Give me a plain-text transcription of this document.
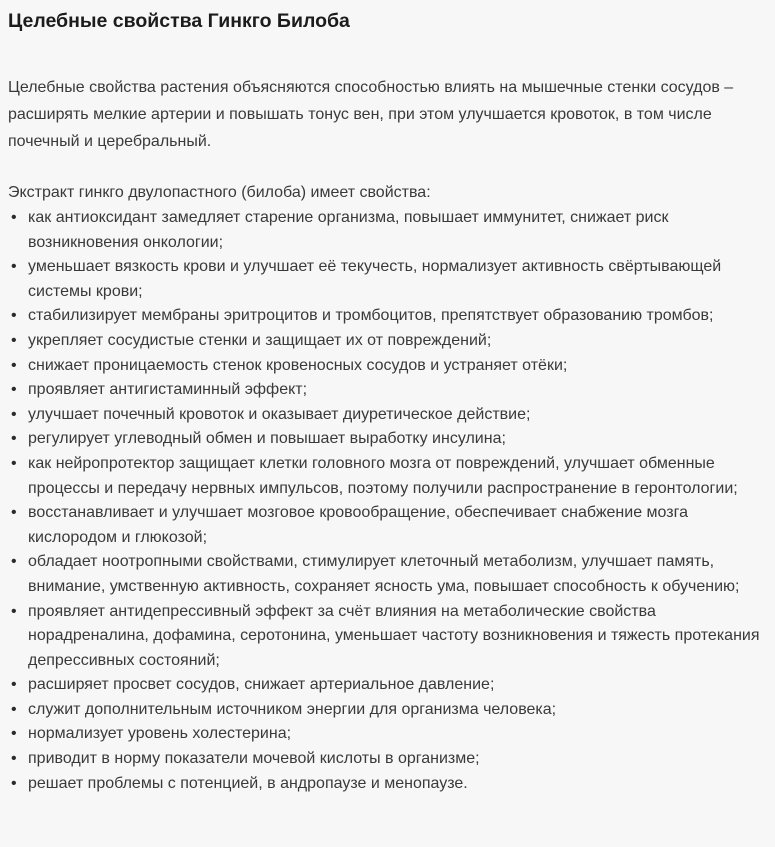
Целебные свойства Гинкго Билоба

Целебные свойства растения объясняются способностью влиять на мышечные стенки сосудов – расширять мелкие артерии и повышать тонус вен, при этом улучшается кровоток, в том числе почечный и церебральный.

Экстракт гинкго двулопастного (билоба) имеет свойства:

• как антиоксидант замедляет старение организма, повышает иммунитет, снижает риск возникновения онкологии;
• уменьшает вязкость крови и улучшает её текучесть, нормализует активность свёртывающей системы крови;
• стабилизирует мембраны эритроцитов и тромбоцитов, препятствует образованию тромбов;
• укрепляет сосудистые стенки и защищает их от повреждений;
• снижает проницаемость стенок кровеносных сосудов и устраняет отёки;
• проявляет антигистаминный эффект;
• улучшает почечный кровоток и оказывает диуретическое действие;
• регулирует углеводный обмен и повышает выработку инсулина;
• как нейропротектор защищает клетки головного мозга от повреждений, улучшает обменные процессы и передачу нервных импульсов, поэтому получили распространение в геронтологии;
• восстанавливает и улучшает мозговое кровообращение, обеспечивает снабжение мозга кислородом и глюкозой;
• обладает ноотропными свойствами, стимулирует клеточный метаболизм, улучшает память, внимание, умственную активность, сохраняет ясность ума, повышает способность к обучению;
• проявляет антидепрессивный эффект за счёт влияния на метаболические свойства норадреналина, дофамина, серотонина, уменьшает частоту возникновения и тяжесть протекания депрессивных состояний;
• расширяет просвет сосудов, снижает артериальное давление;
• служит дополнительным источником энергии для организма человека;
• нормализует уровень холестерина;
• приводит в норму показатели мочевой кислоты в организме;
• решает проблемы с потенцией, в андропаузе и менопаузе.
